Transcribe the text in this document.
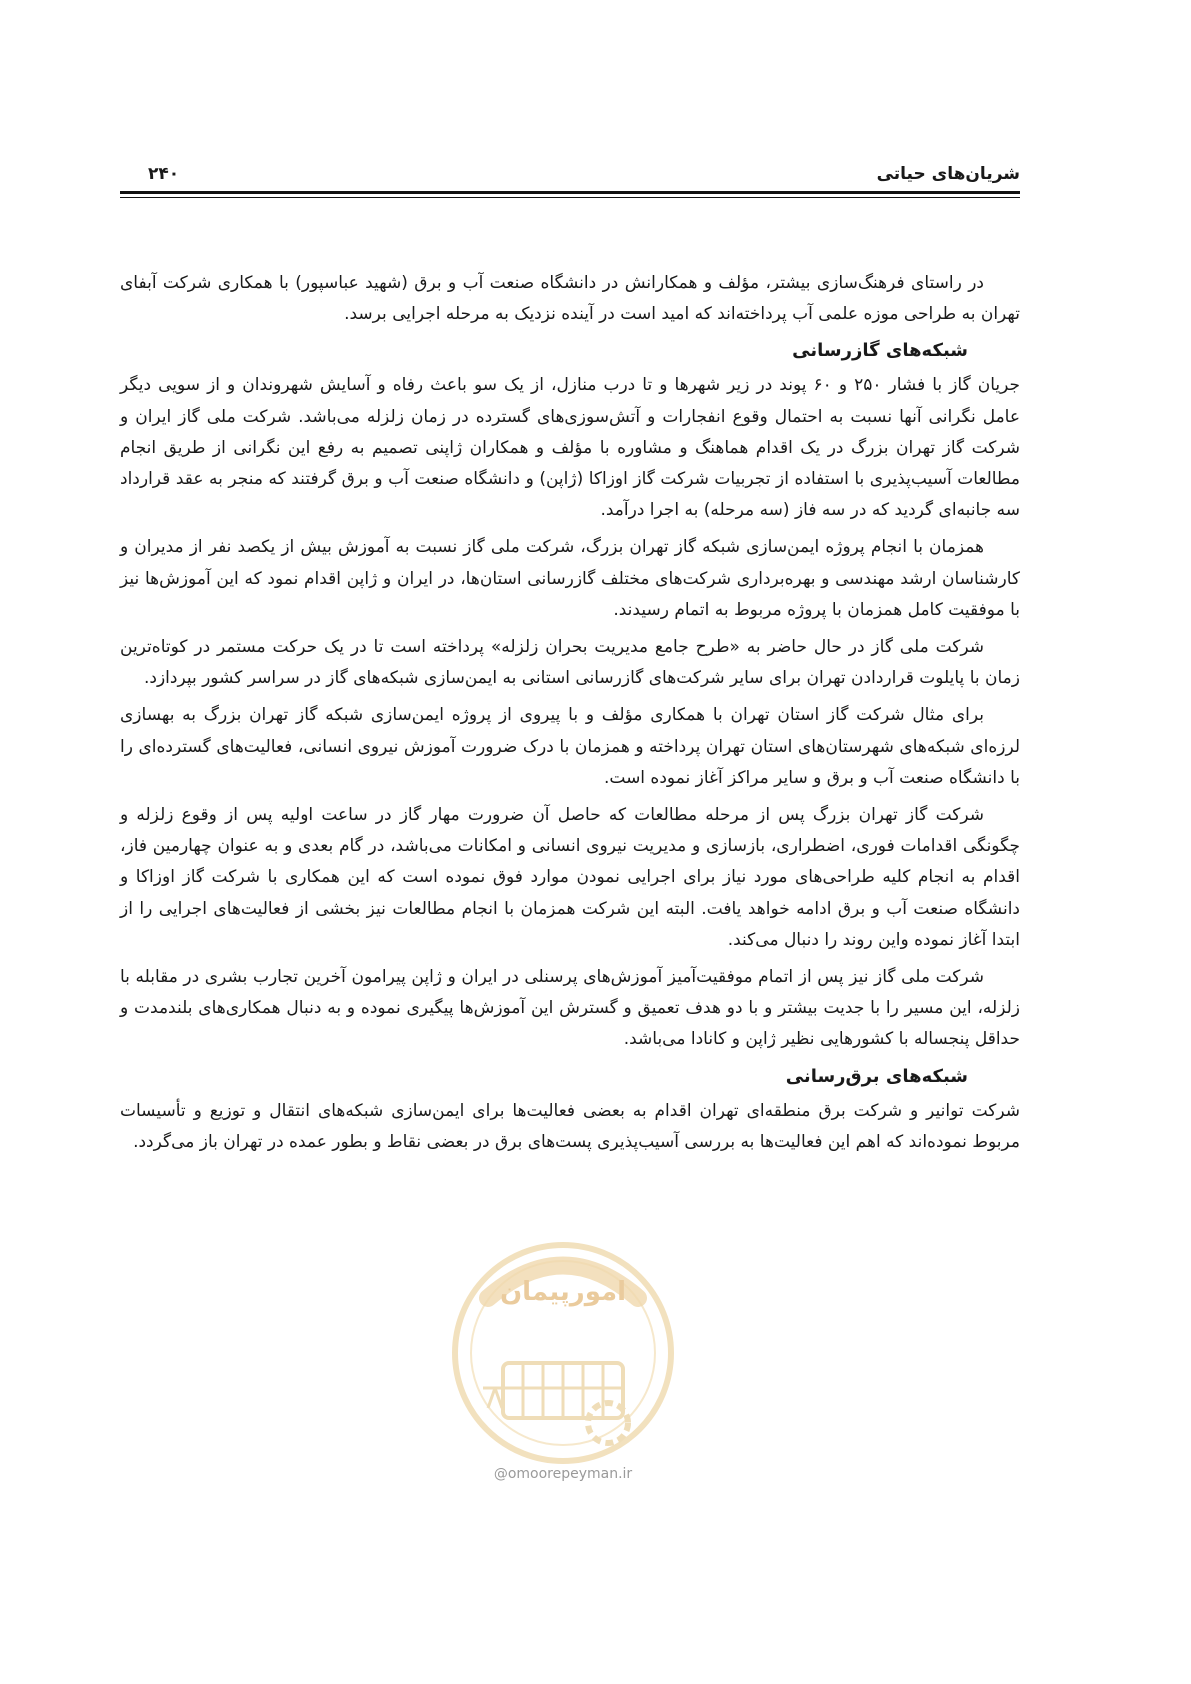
شریان‌های حیاتی
۲۴۰

در راستای فرهنگ‌سازی بیشتر، مؤلف و همکارانش در دانشگاه صنعت آب و برق (شهید عباسپور) با همکاری شرکت آبفای تهران به طراحی موزه علمی آب پرداخته‌اند که امید است در آینده نزدیک به مرحله اجرایی برسد.

شبکه‌های گازرسانی

جریان گاز با فشار ۲۵۰ و ۶۰ پوند در زیر شهرها و تا درب منازل، از یک سو باعث رفاه و آسایش شهروندان و از سویی دیگر عامل نگرانی آنها نسبت به احتمال وقوع انفجارات و آتش‌سوزی‌های گسترده در زمان زلزله می‌باشد. شرکت ملی گاز ایران و شرکت گاز تهران بزرگ در یک اقدام هماهنگ و مشاوره با مؤلف و همکاران ژاپنی تصمیم به رفع این نگرانی از طریق انجام مطالعات آسیب‌پذیری با استفاده از تجربیات شرکت گاز اوزاکا (ژاپن) و دانشگاه صنعت آب و برق گرفتند که منجر به عقد قرارداد سه جانبه‌ای گردید که در سه فاز (سه مرحله) به اجرا درآمد.

همزمان با انجام پروژه ایمن‌سازی شبکه گاز تهران بزرگ، شرکت ملی گاز نسبت به آموزش بیش از یکصد نفر از مدیران و کارشناسان ارشد مهندسی و بهره‌برداری شرکت‌های مختلف گازرسانی استان‌ها، در ایران و ژاپن اقدام نمود که این آموزش‌ها نیز با موفقیت کامل همزمان با پروژه مربوط به اتمام رسیدند.

شرکت ملی گاز در حال حاضر به «طرح جامع مدیریت بحران زلزله» پرداخته است تا در یک حرکت مستمر در کوتاه‌ترین زمان با پایلوت قراردادن تهران برای سایر شرکت‌های گازرسانی استانی به ایمن‌سازی شبکه‌های گاز در سراسر کشور بپردازد.

برای مثال شرکت گاز استان تهران با همکاری مؤلف و با پیروی از پروژه ایمن‌سازی شبکه گاز تهران بزرگ به بهسازی لرزه‌ای شبکه‌های شهرستان‌های استان تهران پرداخته و همزمان با درک ضرورت آموزش نیروی انسانی، فعالیت‌های گسترده‌ای را با دانشگاه صنعت آب و برق و سایر مراکز آغاز نموده است.

شرکت گاز تهران بزرگ پس از مرحله مطالعات که حاصل آن ضرورت مهار گاز در ساعت اولیه پس از وقوع زلزله و چگونگی اقدامات فوری، اضطراری، بازسازی و مدیریت نیروی انسانی و امکانات می‌باشد، در گام بعدی و به عنوان چهارمین فاز، اقدام به انجام کلیه طراحی‌های مورد نیاز برای اجرایی نمودن موارد فوق نموده است که این همکاری با شرکت گاز اوزاکا و دانشگاه صنعت آب و برق ادامه خواهد یافت. البته این شرکت همزمان با انجام مطالعات نیز بخشی از فعالیت‌های اجرایی را از ابتدا آغاز نموده واین روند را دنبال می‌کند.

شرکت ملی گاز نیز پس از اتمام موفقیت‌آمیز آموزش‌های پرسنلی در ایران و ژاپن پیرامون آخرین تجارب بشری در مقابله با زلزله، این مسیر را با جدیت بیشتر و با دو هدف تعمیق و گسترش این آموزش‌ها پیگیری نموده و به دنبال همکاری‌های بلندمدت و حداقل پنجساله با کشورهایی نظیر ژاپن و کانادا می‌باشد.

شبکه‌های برق‌رسانی

شرکت توانیر و شرکت برق منطقه‌ای تهران اقدام به بعضی فعالیت‌ها برای ایمن‌سازی شبکه‌های انتقال و توزیع و تأسیسات مربوط نموده‌اند که اهم این فعالیت‌ها به بررسی آسیب‌پذیری پست‌های برق در بعضی نقاط و بطور عمده در تهران باز می‌گردد.

امورپیمان
@omoorepeyman.ir
